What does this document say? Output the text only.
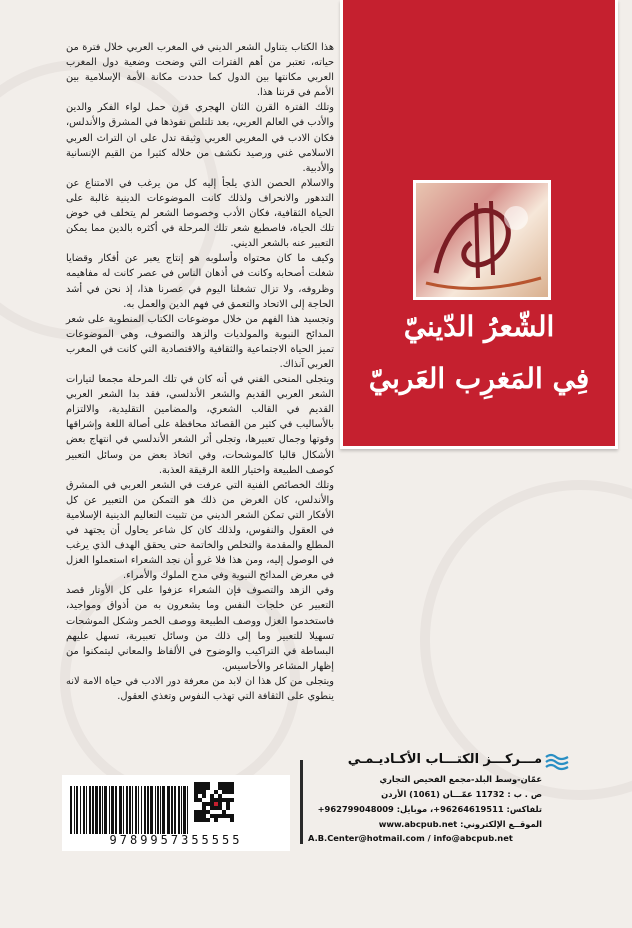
الشّعرُ الدّينيّ
فِي المَغرِب العَربيّ

هذا الكتاب يتناول الشعر الديني في المغرب العربي خلال فترة من حياته، تعتبر من أهم الفترات التي وضحت وضعية دول المغرب العربي مكانتها بين الدول كما حددت مكانة الأمة الإسلامية بين الأمم في قرننا هذا.

وتلك الفترة القرن الثان الهجري قرن حمل لواء الفكر والدين والأدب في العالم العربي، بعد تلتلص نفوذها في المشرق والأندلس، فكان الادب في المغربي العربي وثيقة تدل على ان التراث العربي الاسلامي غني ورصيد نكشف من خلاله كثيرا من القيم الإنسانية والأدبية.

والاسلام الحصن الذي يلجأ إليه كل من يرغب في الامتناع عن التدهور والانحراف ولذلك كانت الموضوعات الدينية غالبة على الحياة الثقافية، فكان الأدب وخصوصا الشعر لم يتخلف في خوض تلك الحياة، فاصطبغ شعر تلك المرحلة في أكثره بالدين مما يمكن التعبير عنه بالشعر الديني.

وكيف ما كان محتواه وأسلوبه هو إنتاج يعبر عن أفكار وقضايا شغلت أصحابه وكانت في أذهان الناس في عصر كانت له مفاهيمه وظروفه، ولا تزال تشغلنا اليوم في عصرنا هذا، إذ نحن في أشد الحاجة إلى الاتحاد والتعمق في فهم الدين والعمل به.

وتجسيد هذا الفهم من خلال موضوعات الكتاب المنطوية على شعر المدائح النبوية والمولديات والزهد والتصوف، وهي الموضوعات تميز الحياة الاجتماعية والثقافية والاقتصادية التي كانت في المغرب العربي آنذاك.

ويتجلى المنحى الفني في أنه كان في تلك المرحلة مجمعا لتيارات الشعر العربي القديم والشعر الأندلسي، فقد بدا الشعر العربي القديم في القالب الشعري، والمضامين التقليدية، والالتزام بالأساليب في كثير من القصائد محافظة على أصالة اللغة وإشراقها وقوتها وجمال تعبيرها، وتجلى أثر الشعر الأندلسي في انتهاج بعض الأشكال قالبا كالموشحات، وفي اتخاذ بعض من وسائل التعبير كوصف الطبيعة واختيار اللغة الرقيقة العذبة.

وتلك الخصائص الفنية التي عرفت في الشعر العربي في المشرق والأندلس، كان الغرض من ذلك هو التمكن من التعبير عن كل الأفكار التي تمكن الشعر الديني من تثبيت التعاليم الدينية الإسلامية في العقول والنفوس، ولذلك كان كل شاعر يحاول أن يجتهد في المطلع والمقدمة والتخلص والخاتمة حتى يحقق الهدف الذي يرغب في الوصول إليه، ومن هذا فلا غرو أن نجد الشعراء استعملوا الغزل في معرض المدائح النبوية وفي مدح الملوك والأمراء.

وفي الزهد والتصوف فإن الشعراء عزفوا على كل الأوتار قصد التعبير عن خلجات النفس وما يشعرون به من أذواق ومواجيد، فاستخدموا الغزل ووصف الطبيعة ووصف الخمر وشكل الموشحات تسهيلا للتعبير وما إلى ذلك من وسائل تعبيرية، تسهل عليهم البساطة في التراكيب والوضوح في الألفاظ والمعاني ليتمكنوا من إظهار المشاعر والأحاسيس.

ويتجلى من كل هذا ان لابد من معرفة دور الادب في حياة الامة لانه ينطوي على الثقافة التي تهذب النفوس وتغذي العقول.

مـــركـــز الكتـــاب الأكـاديـمـي
عمّان-وسط البلد-مجمع الفحيص التجاري
ص . ب : 11732 عمّـــان (1061) الأردن
تلفاكس: 96264619511+، موبايل: 962799048009+
الموقــع الإلكتروني: www.abcpub.net
A.B.Center@hotmail.com / info@abcpub.net
9789957355555
